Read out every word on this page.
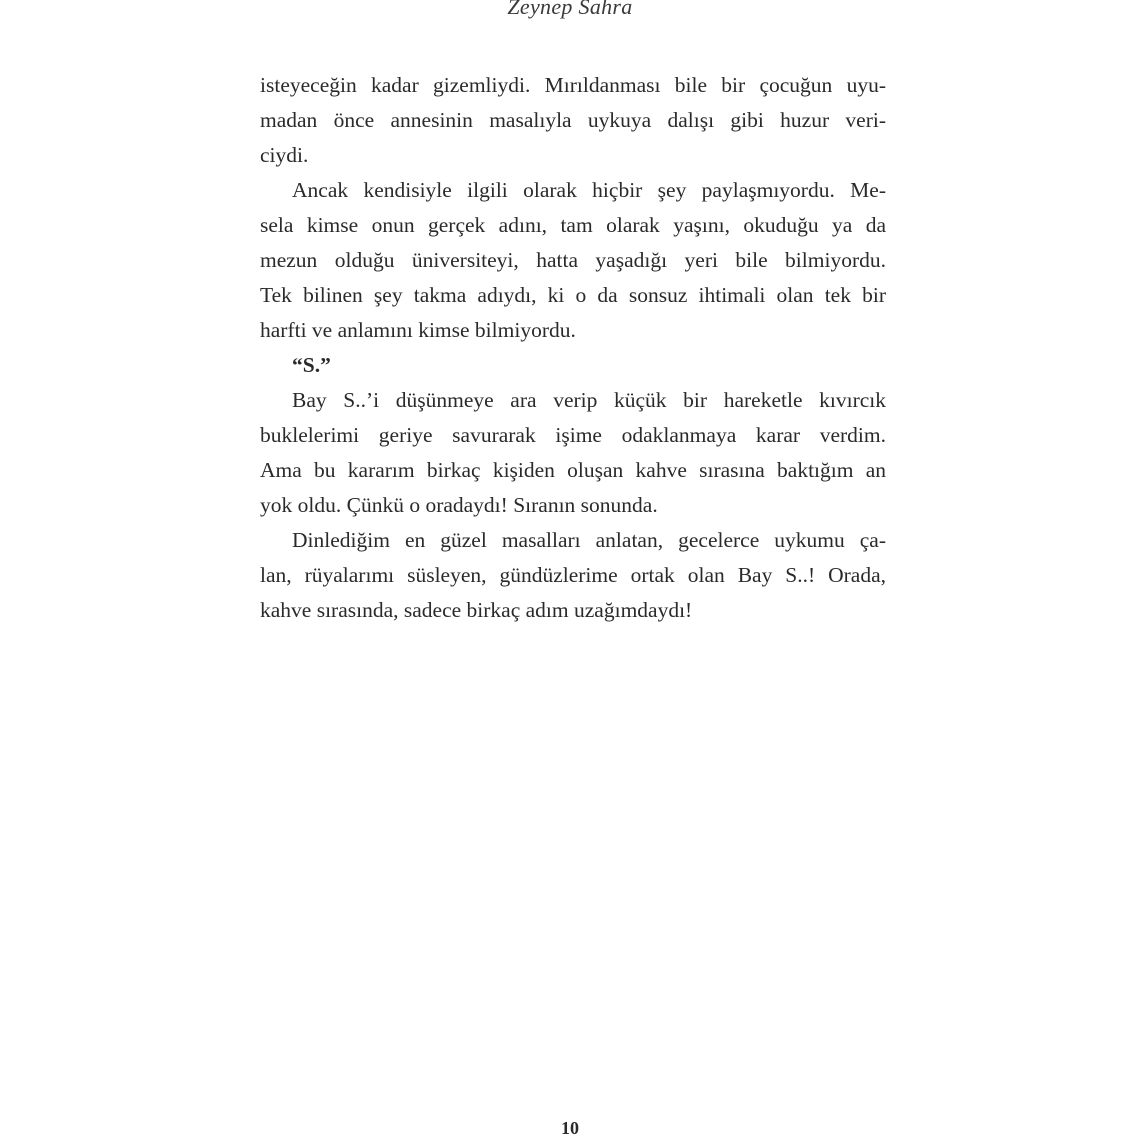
Zeynep Sahra
isteyeceğin kadar gizemliydi. Mırıldanması bile bir çocuğun uyu-
madan önce annesinin masalıyla uykuya dalışı gibi huzur veri-
ciydi.
Ancak kendisiyle ilgili olarak hiçbir şey paylaşmıyordu. Me-
sela kimse onun gerçek adını, tam olarak yaşını, okuduğu ya da
mezun olduğu üniversiteyi, hatta yaşadığı yeri bile bilmiyordu.
Tek bilinen şey takma adıydı, ki o da sonsuz ihtimali olan tek bir
harfti ve anlamını kimse bilmiyordu.
“S.”
Bay S..’i düşünmeye ara verip küçük bir hareketle kıvırcık
buklelerimi geriye savurarak işime odaklanmaya karar verdim.
Ama bu kararım birkaç kişiden oluşan kahve sırasına baktığım an
yok oldu. Çünkü o oradaydı! Sıranın sonunda.
Dinlediğim en güzel masalları anlatan, gecelerce uykumu ça-
lan, rüyalarımı süsleyen, gündüzlerime ortak olan Bay S..! Orada,
kahve sırasında, sadece birkaç adım uzağımdaydı!
10
